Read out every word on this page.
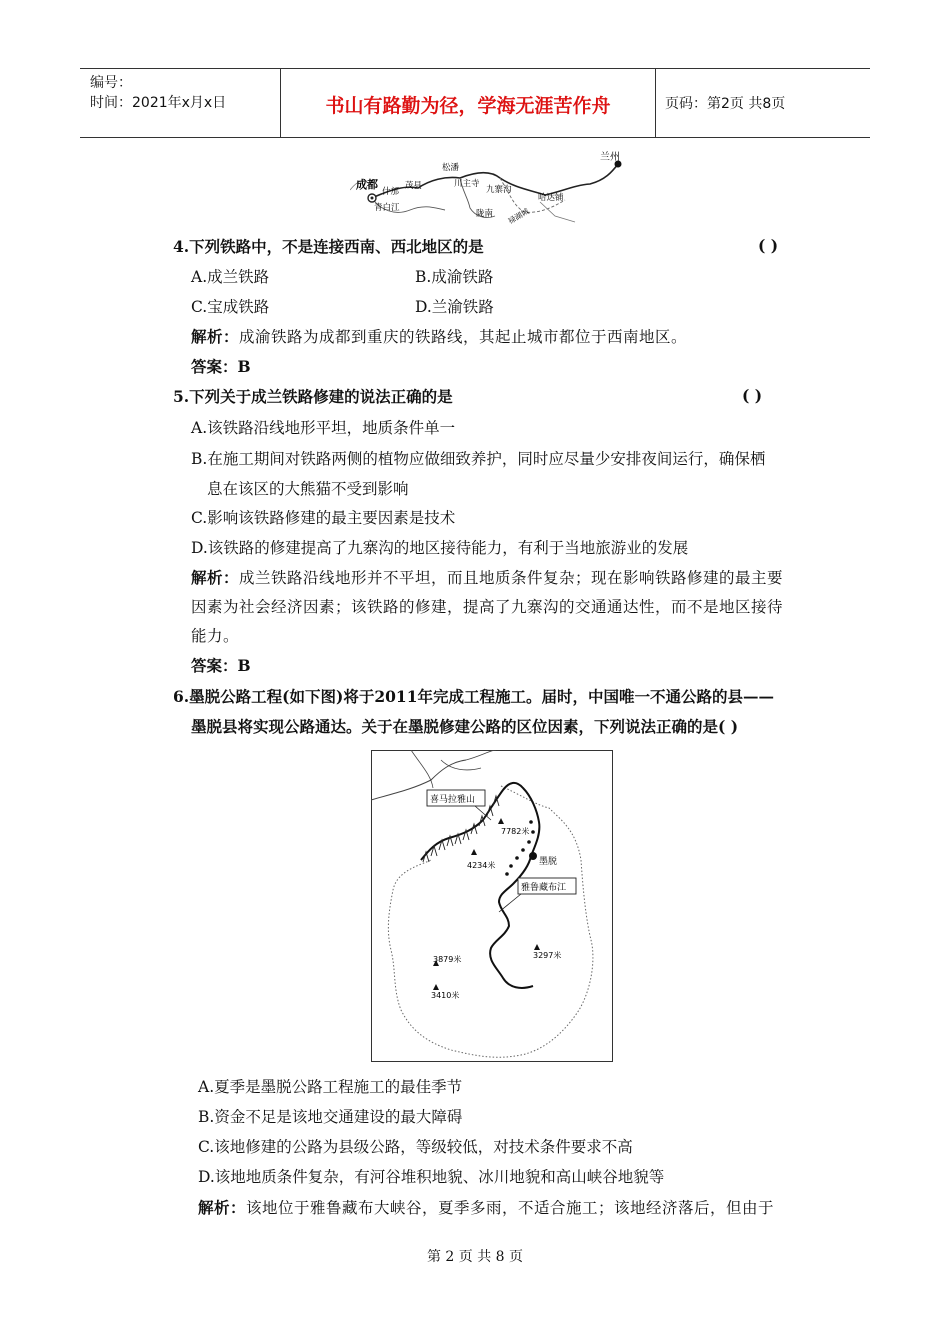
编号：
时间：2021年x月x日	书山有路勤为径，学海无涯苦作舟	页码：第2页 共8页
成都
松潘
兰州
川主寺
什邡
茂县	九寨沟
哈达铺
青白江
陇南 禄湖城
4.下列铁路中，不是连接西南、西北地区的是	( )
A.成兰铁路	B.成渝铁路
C.宝成铁路	D.兰渝铁路
解析：成渝铁路为成都到重庆的铁路线，其起止城市都位于西南地区。
答案：B
5.下列关于成兰铁路修建的说法正确的是	( )
A.该铁路沿线地形平坦，地质条件单一
B.在施工期间对铁路两侧的植物应做细致养护，同时应尽量少安排夜间运行，确保栖
息在该区的大熊猫不受到影响
C.影响该铁路修建的最主要因素是技术
D.该铁路的修建提高了九寨沟的地区接待能力，有利于当地旅游业的发展
解析：成兰铁路沿线地形并不平坦，而且地质条件复杂；现在影响铁路修建的最主要
因素为社会经济因素；该铁路的修建，提高了九寨沟的交通通达性，而不是地区接待
能力。
答案：B
6.墨脱公路工程(如下图)将于2011年完成工程施工。届时，中国唯一不通公路的县——
墨脱县将实现公路通达。关于在墨脱修建公路的区位因素，下列说法正确的是( )
喜马拉雅山
7782米
4234米	墨脱
雅鲁藏布江
3879米	3297米
3410米
A.夏季是墨脱公路工程施工的最佳季节
B.资金不足是该地交通建设的最大障碍
C.该地修建的公路为县级公路，等级较低，对技术条件要求不高
D.该地地质条件复杂，有河谷堆积地貌、冰川地貌和高山峡谷地貌等
解析：该地位于雅鲁藏布大峡谷，夏季多雨，不适合施工；该地经济落后，但由于
第 2 页 共 8 页
